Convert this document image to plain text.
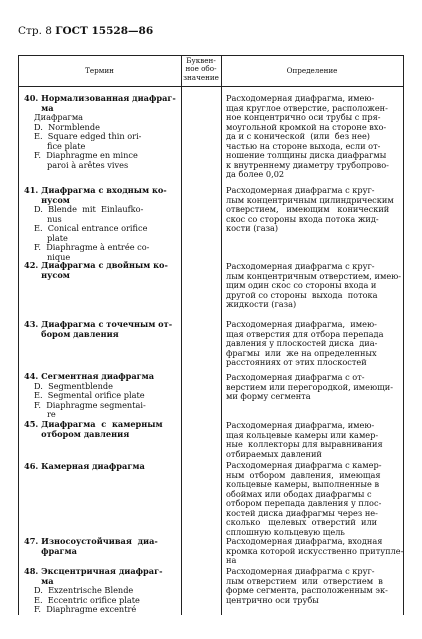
Стр. 8 ГОСТ 15528—86
Термин
Буквен-
ное обо-
значение
Определение
40. Нормализованная диафраг-
ма
Диафрагма
D.  Normblende
E.  Square edged thin ori-
fice plate
F.  Diaphragme en mince
paroi à arêtes vives
Расходомерная диафрагма, имею-
щая круглое отверстие, расположен-
ное концентрично оси трубы с пря-
моугольной кромкой на стороне вхо-
да и с конической  (или  без нее)
частью на стороне выхода, если от-
ношение толщины диска диафрагмы
к внутреннему диаметру трубопрово-
да более 0,02
41. Диафрагма с входным ко-
нусом
D.  Blende  mit  Einlaufko-
nus
E.  Conical entrance orifice
plate
F.  Diaphragme à entrée co-
nique
Расходомерная диафрагма с круг-
лым концентричным цилиндрическим
отверстием,   имеющим   конический
скос со стороны входа потока жид-
кости (газа)
42. Диафрагма с двойным ко-
нусом
Расходомерная диафрагма с круг-
лым концентричным отверстием, имею-
щим один скос со стороны входа и
другой со стороны  выхода  потока
жидкости (газа)
43. Диафрагма с точечным от-
бором давления
Расходомерная диафрагма,  имею-
щая отверстия для отбора перепада
давления у плоскостей диска  диа-
фрагмы  или  же на определенных
расстояниях от этих плоскостей
44. Сегментная диафрагма
D.  Segmentblende
E.  Segmental orifice plate
F.  Diaphragme segmentai-
re
Расходомерная диафрагма с от-
верстием или перегородкой, имеющи-
ми форму сегмента
45. Диафрагма  с  камерным
отбором давления
Расходомерная диафрагма, имею-
щая кольцевые камеры или камер-
ные  коллекторы для выравнивания
отбираемых давлений
46. Камерная диафрагма	Расходомерная диафрагма с камер-
ным  отбором  давления,  имеющая
кольцевые камеры, выполненные в
обоймах или ободах диафрагмы с
отбором перепада давления у плос-
костей диска диафрагмы через не-
сколько   щелевых  отверстий  или
сплошную кольцевую щель
47. Износоустойчивая  диа-
фрагма
Расходомерная диафрагма, входная
кромка которой искусственно притупле-
на
48. Эксцентричная диафраг-
ма
D.  Exzentrische Blende
E.  Eccentric orifice plate
F.  Diaphragme excentré
Расходомерная диафрагма с круг-
лым отверстием  или  отверстием  в
форме сегмента, расположенным эк-
центрично оси трубы
